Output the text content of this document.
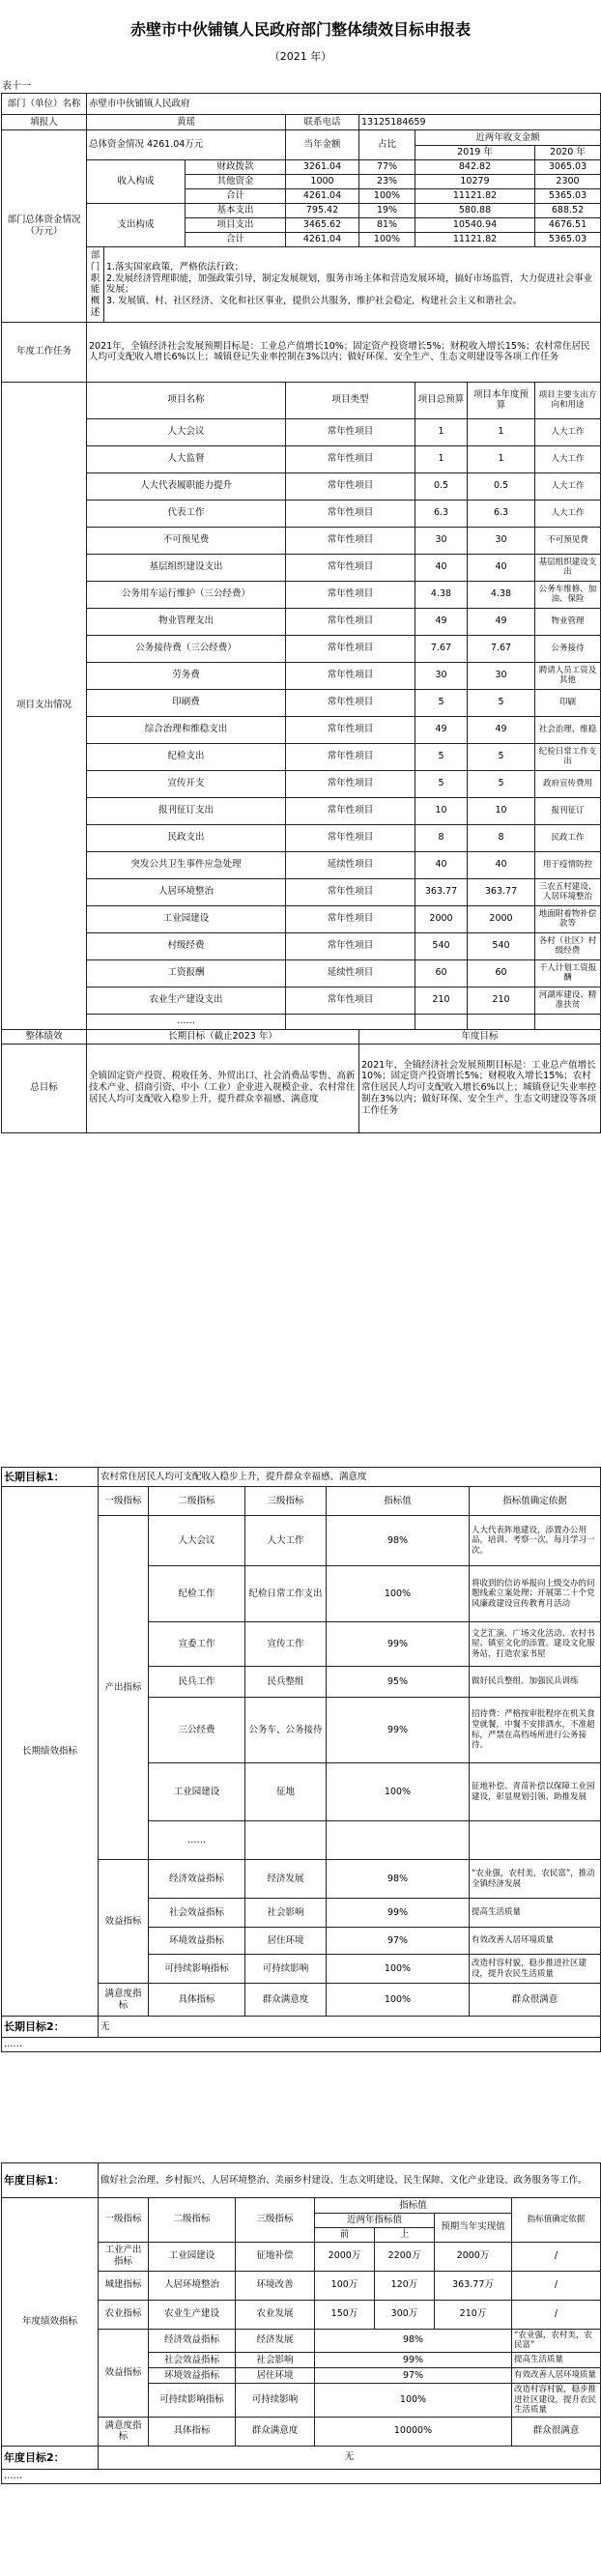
赤壁市中伙铺镇人民政府部门整体绩效目标申报表
（2021 年）
表十一
部门（单位）名称	赤壁市中伙铺镇人民政府							
填报人	黄瑶			联系电话	13125184659			
部门总体资金情况（万元）	总体资金情况 4261.04万元			当年金额	占比	近两年收支金额		
						2019 年		2020 年
	收入构成		财政拨款	3261.04	77%	842.82		3065.03
			其他资金	1000	23%	10279		2300
			合计	4261.04	100%	11121.82		5365.03
	支出构成		基本支出	795.42	19%	580.88		688.52
			项目支出	3465.62	81%	10540.94		4676.51
			合计	4261.04	100%	11121.82		5365.03
	部门职能概述	1.落实国家政策，严格依法行政；
2.发展经济管理职能，加强政策引导，制定发展规划，服务市场主体和营造发展环境，搞好市场监管，大力促进社会事业发展；
3. 发展镇、村、社区经济、文化和社区事业，提供公共服务，维护社会稳定，构建社会主义和谐社会。						
年度工作任务	2021年，全镇经济社会发展预期目标是：工业总产值增长10%；固定资产投资增长5%；财税收入增长15%；农村常住居民人均可支配收入增长6%以上；城镇登记失业率控制在3%以内；做好环保、安全生产、生态文明建设等各项工作任务							
项目支出情况	项目名称			项目类型		项目总预算	项目本年度预算	项目主要支出方向和用途
	人大会议			常年性项目		1	1	人大工作
	人大监督			常年性项目		1	1	人大工作
	人大代表履职能力提升			常年性项目		0.5	0.5	人大工作
	代表工作			常年性项目		6.3	6.3	人大工作
	不可预见费			常年性项目		30	30	不可预见费
	基层组织建设支出			常年性项目		40	40	基层组织建设支出
	公务用车运行维护（三公经费）			常年性项目		4.38	4.38	公务车维修、加油、保险
	物业管理支出			常年性项目		49	49	物业管理
	公务接待费（三公经费）			常年性项目		7.67	7.67	公务接待
	劳务费			常年性项目		30	30	聘请人员工资及其他
	印刷费			常年性项目		5	5	印刷
	综合治理和维稳支出			常年性项目		49	49	社会治理、维稳
	纪检支出			常年性项目		5	5	纪检日常工作支出
	宣传开支			常年性项目		5	5	政府宣传费用
	报刊征订支出			常年性项目		10	10	报刊征订
	民政支出			常年性项目		8	8	民政工作
	突发公共卫生事件应急处理			延续性项目		40	40	用于疫情防控
	人居环境整治			常年性项目		363.77	363.77	三农五村建设、人居环境整治
	工业园建设			常年性项目		2000	2000	地面附着物补偿款等
	村级经费			常年性项目		540	540	各村（社区）村级经费
	工资报酬			延续性项目		60	60	干人计划工资报酬
	农业生产建设支出			常年性项目		210	210	河湖库建设、精准扶贫
	……							
整体绩效	长期目标（截止2023 年）				年度目标			
总目标	全镇固定资产投资、税收任务、外贸出口、社会消费品零售、高新技术产业、招商引资、中小（工业）企业进入规模企业、农村常住居民人均可支配收入稳步上升，提升群众幸福感、满意度				2021年，全镇经济社会发展预期目标是：工业总产值增长10%；固定资产投资增长5%；财税收入增长15%；农村常住居民人均可支配收入增长6%以上；城镇登记失业率控制在3%以内；做好环保、安全生产、生态文明建设等各项工作任务			
长期目标1：	农村常住居民人均可支配收入稳步上升，提升群众幸福感、满意度				
长期绩效指标	一级指标	二级指标	三级指标	指标值	指标值确定依据
	产出指标	人大会议	人大工作	98%	人大代表阵地建设，添置办公用品，培训、考察一次，每月学习一次。
		纪检工作	纪检日常工作支出	100%	将收到的信访举报向上级交办的问题线索立案处理；开展第二十个党风廉政建设宣传教育月活动
		宣委工作	宣传工作	99%	文艺汇演、广场文化活动、农村书屋、镇室文化的添置。建设文化服务站，打造农家书屋
		民兵工作	民兵整组	95%	做好民兵整组、加强民兵训练
		三公经费	公务车、公务接待	99%	招待费：严格按审批程序在机关食堂就餐，中餐不安排酒水，不准超标，严禁在高档场所进行公务接待。
		工业园建设	征地	100%	征地补偿、青苗补偿以保障工业园建设，彰显规划引领、助推发展
		……			
	效益指标	经济效益指标	经济发展	98%	“农业强，农村美，农民富”，推动全镇经济发展
		社会效益指标	社会影响	99%	提高生活质量
		环境效益指标	居住环境	97%	有效改善人居环境质量
		可持续影响指标	可持续影响	100%	改造村容村貌，稳步推进社区建设，提升农民生活质量
	满意度指标	具体指标	群众满意度	100%	群众很满意
长期目标2：	无				
……					
年度目标1：	做好社会治理、乡村振兴、人居环境整治、美丽乡村建设、生态文明建设、民生保障、文化产业建设、政务服务等工作。						
年度绩效指标	一级指标	二级指标	三级指标	指标值			指标值确定依据
				近两年指标值		预期当年实现值	
				前	上		
	工业产出指标	工业园建设	征地补偿	2000万	2200万	2000万	/
	城建指标	人居环境整治	环境改善	100万	120万	363.77万	/
	农业指标	农业生产建设	农业发展	150万	300万	210万	/
	效益指标	经济效益指标	经济发展	98%			“农业强，农村美，农民富”
		社会效益指标	社会影响	99%			提高生活质量
		环境效益指标	居住环境	97%			有效改善人居环境质量
		可持续影响指标	可持续影响	100%			改造村容村貌，稳步推进社区建设，提升农民生活质量
	满意度指标	具体指标	群众满意度	10000%			群众很满意
年度目标2：	无						
……							
